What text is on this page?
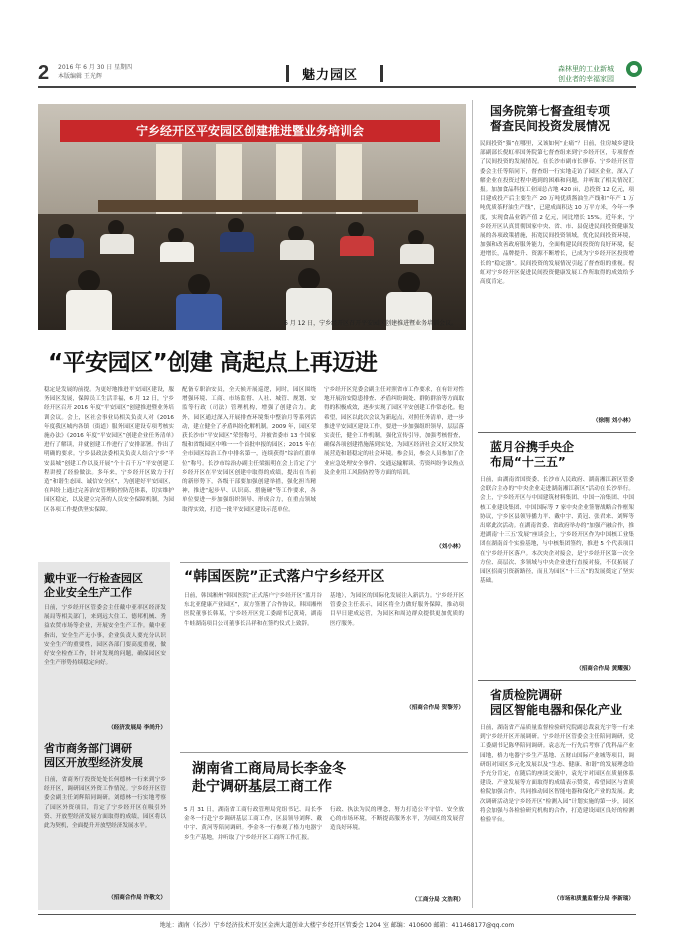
2 2016 年 6 月 30 日 星期四
本版编辑 王光辉	魅力园区	森林里的工业新城
创业者的幸福家园
宁乡经开区平安园区创建推进暨业务培训会
6 月 12 日，宁乡经开区召开平安园区创建推进暨业务培训会议。
“平安园区”创建 高起点上再迈进
稳定是发展的前提。为更好地推进平安园区建设，服务园区发展，保障员工生活幸福，6 月 12 日，宁乡经开区召开 2016 年度“平安园区”创建推进暨业务培训会议。会上，区社会事业局相关负责人对《2016 年度我区城内各镇（街道）服务园区建设专项考核实施办法》《2016 年度“平安园区”创建企业任务清单》进行了解读，并就创建工作进行了安排部署。作出了明确的要求。宁乡县政法委相关负责人结合宁乡“平安县城”创建工作以及开展“个十百千万”平安创建工程讲授了经验做法。多年来，宁乡经开区致力于打造“和谐生态园、诚信安全区”，为创建好平安园区，在纠纷上通过完善治安管理防控防范体系，切实维护园区稳定，以及建立完善的人员安全保障机制，为园区各项工作提供坚实保障。
配备专职治安员，全天候开展巡逻，同时，园区围绕增强环境、工商、市场监督、人社、城管、规划、安监等行政（司法）管理机构，增强了创建合力。此外，园区通过深入开展排查环境集中整治月等系列活动，建立健全了矛盾纠纷化解机制。2009 年，园区荣获长沙市“平安园区”荣誉称号，并被省委市 13 个国家级和省级园区中唯一一个首批申报的园区；2015 年在全市园区综治工作中排名第一，连续获得“综治红旗单位”称号。长沙市综治办副主任梁振明在会上肯定了宁乡经开区在平安园区创建中取得的成绩，提出在当前的新形势下，各级干部要加强创建举措，强化担当精神，推进“起步早、认识高、措施硬”等工作要求，各单位要进一步加强组织领导、形成合力，在重点领域取得实效，打造一批平安园区建设示范单位。
宁乡经开区党委会副主任对照省市工作要求，在有针对性地开展治安隐患排查、矛盾纠纷调处、群防群治等方面取得的积极成效，逐步实现了园区平安创建工作常态化。他希望，园区以此次会议为新起点，对照任务清单，进一步推进平安园区建设工作，要进一步加强组织领导，层层落实责任，健全工作机制，强化宣传引导，加强考核督查，确保各项创建措施落到实处，为园区经济社会又好又快发展营造和谐稳定的社会环境。参会员，参会人员参加了企业应急处理安全事件、交通运输解读、劳资纠纷争议热点及企业用工风险防控等方面的培训。
（刘小林）
国务院第七督查组专项
督查民间投资发展情况
民间投资“猫”在哪里，又该如何“止痛”？日前，住房城乡建设部副部长倪虹率国务院第七督查组来到宁乡经开区，专项督查了民间投资的发展情况。在长沙市副市长廖春、宁乡经开区管委会主任等陪同下，督查组一行实地走访了园区企业，深入了解企业在投资过程中遇到的困难和问题，并听取了相关情况汇报。加加食品科技工业园总占地 420 亩，总投资 12 亿元，项目建成投产后主要生产 20 万吨优质酱油生产线和“年产 1 万吨优质茶籽油生产线”，已建成面积达 10 万平方米，今年一季度，实现食品业销产值 2 亿元，同比增长 15%。近年来，宁乡经开区认真贯彻国家中央、省、市、县促进民间投资健康发展的各项政策措施，拓宽民间投资领域，优化民间投资环境，加强和改善政府服务能力，全面构建民间投资的良好环境，促进增长，品牌提升、资源不断增长，已成为宁乡经开区投资增长的“稳定器”。民间投资的发展情况引起了督查组的重视。倪虹对宁乡经开区促进民间投资健康发展工作所取得的成效给予高度肯定。
（徐刚 刘小林）
蓝月谷携手央企
布局“十三五”
日前，由湖南省国资委、长沙市人民政府、湖南湘江新区管委会联合主办的“中央企业走进湖南湘江新区”活动在长沙举行。会上，宁乡经开区与中国建筑材料集团、中国一冶集团、中国核工业建设集团、中国国际等 7 家中央企业签署战略合作框架协议，宁乡区县领导播力平、戴中宇、黄冠、张君来、刘辉等出席此次活动。在湖南省委、省政府举办的“加强产融合作，推进湖南‘十三五’发展”座谈会上，宁乡经开区作为中国核工业集团在湖南首个实验基地，与中核集团签约，推进 5 个代表项目在宁乡经开区落户。本次央企对接会，是宁乡经开区第一次全方位、高层次、多领域与中央企业进行直接对接，不仅拓展了园区招商引资新路径，而且为园区“十三五”的发展奠定了坚实基础。
（招商合作局 黄耀强）
省质检院调研
园区智能电器和保化产业
日前，湖南省产品质量监督检验研究院副总裁袁光宇等一行来到宁乡经开区开展调研。宁乡经开区管委会主任陪同调研，党工委副书记陈华陪同调研。袁志光一行先后考察了优科品产业园地，格力电器宁乡生产基地、五财山国际产业城等项目，调研组对园区多元化发展以及“生态、健康、和谐”的发展理念给予充分肯定，在随后的座谈交流中，袁光宇对园区在质量体系建设、产业发展等方面取得的成绩表示赞赏，希望园区与省质检院加强合作，共同推动园区智能电器和保化产业的发展。此次调研活动是宁乡经开区“检测入园”计划实施的第一步，园区将会加强与各检验研究机构的合作，打造建设园区良好的检测检验平台。
（市场和质量监督分局 李新瑞）
戴中亚一行检查园区
企业安全生产工作
日前，宁乡经开区管委会主任戴中亚率区经济发展局等相关部门，来到远大住工、德邦机械、秀益农贸市场等企业，开展安全生产工作。戴中亚指出，安全生产无小事，企业负责人要充分认识安全生产的重要性，园区各部门要高度重视，做好安全检查工作，针对发现的问题，确保园区安全生产形势持续稳定向好。
（经济发展局 李尚升）
省市商务部门调研
园区开放型经济发展
日前，省商务厅投资处处长何德林一行来到宁乡经开区，调研园区外资工作情况。宁乡经开区管委会副主任刘辉陪同调研。刘德林一行实地考察了园区外资项目，肯定了宁乡经开区在吸引外资、开放型经济发展方面取得的成绩，园区将以此为契机，全面提升开放型经济发展水平。
（招商合作局 许敬文）
“韩国医院”正式落户宁乡经开区
日前，韩国湘州“韩国医院”正式落户宁乡经开区“蓝月谷东北亚健康产业园区”，双方签署了合作协议。韩国湘州医院董事长韩某，宁乡经开区党工委副书记黄琦，湖南牛蛙湖南项目公司董事长吕祥和在签约仪式上致辞。
基地），为园区的国际化发展注入新活力。宁乡经开区管委会主任表示，园区将全力做好服务保障，推动项目早日建成运营，为园区和周边群众提供更加优质的医疗服务。
（招商合作局 贺黎芳）
湖南省工商局局长李金冬
赴宁调研基层工商工作
5 月 31 日，湖南省工商行政管理局党组书记、局长李金冬一行赴宁乡调研基层工商工作，区县领导刘辉、戴中宇、黄河等陪同调研。李金冬一行参观了格力电器宁乡生产基地，并听取了宁乡经开区工商所工作汇报。
行政、执法为民的理念，努力打造公平守信、安全放心的市场环境，不断提高服务水平，为园区的发展营造良好环境。
（工商分局 文浩利）
地址：湖南（长沙）宁乡经济技术开发区金洲大道创业大楼宁乡经开区管委会 1204 室 邮编：410600 邮箱：411468177@qq.com
